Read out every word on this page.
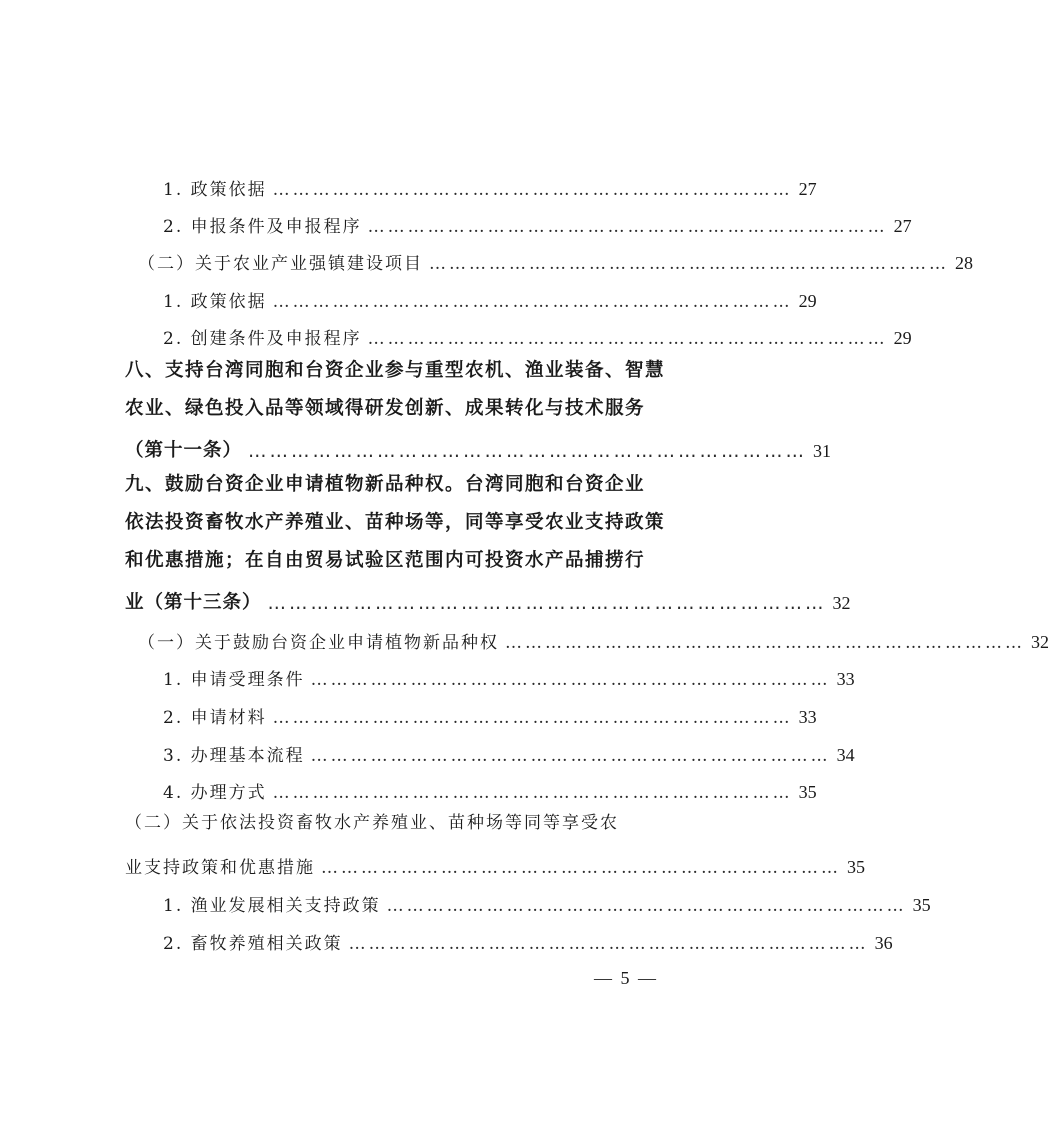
1. 政策依据 …………………………………………………………………… 27
2. 申报条件及申报程序 …………………………………………………………………… 27
（二）关于农业产业强镇建设项目 …………………………………………………………………… 28
1. 政策依据 …………………………………………………………………… 29
2. 创建条件及申报程序 …………………………………………………………………… 29
八、支持台湾同胞和台资企业参与重型农机、渔业装备、智慧
农业、绿色投入品等领域得研发创新、成果转化与技术服务
（第十一条） …………………………………………………………………… 31
九、鼓励台资企业申请植物新品种权。台湾同胞和台资企业
依法投资畜牧水产养殖业、苗种场等，同等享受农业支持政策
和优惠措施；在自由贸易试验区范围内可投资水产品捕捞行
业（第十三条） …………………………………………………………………… 32
（一）关于鼓励台资企业申请植物新品种权 …………………………………………………………………… 32
1. 申请受理条件 …………………………………………………………………… 33
2. 申请材料 …………………………………………………………………… 33
3. 办理基本流程 …………………………………………………………………… 34
4. 办理方式 …………………………………………………………………… 35
（二）关于依法投资畜牧水产养殖业、苗种场等同等享受农
业支持政策和优惠措施 …………………………………………………………………… 35
1. 渔业发展相关支持政策 …………………………………………………………………… 35
2. 畜牧养殖相关政策 …………………………………………………………………… 36
— 5 —
